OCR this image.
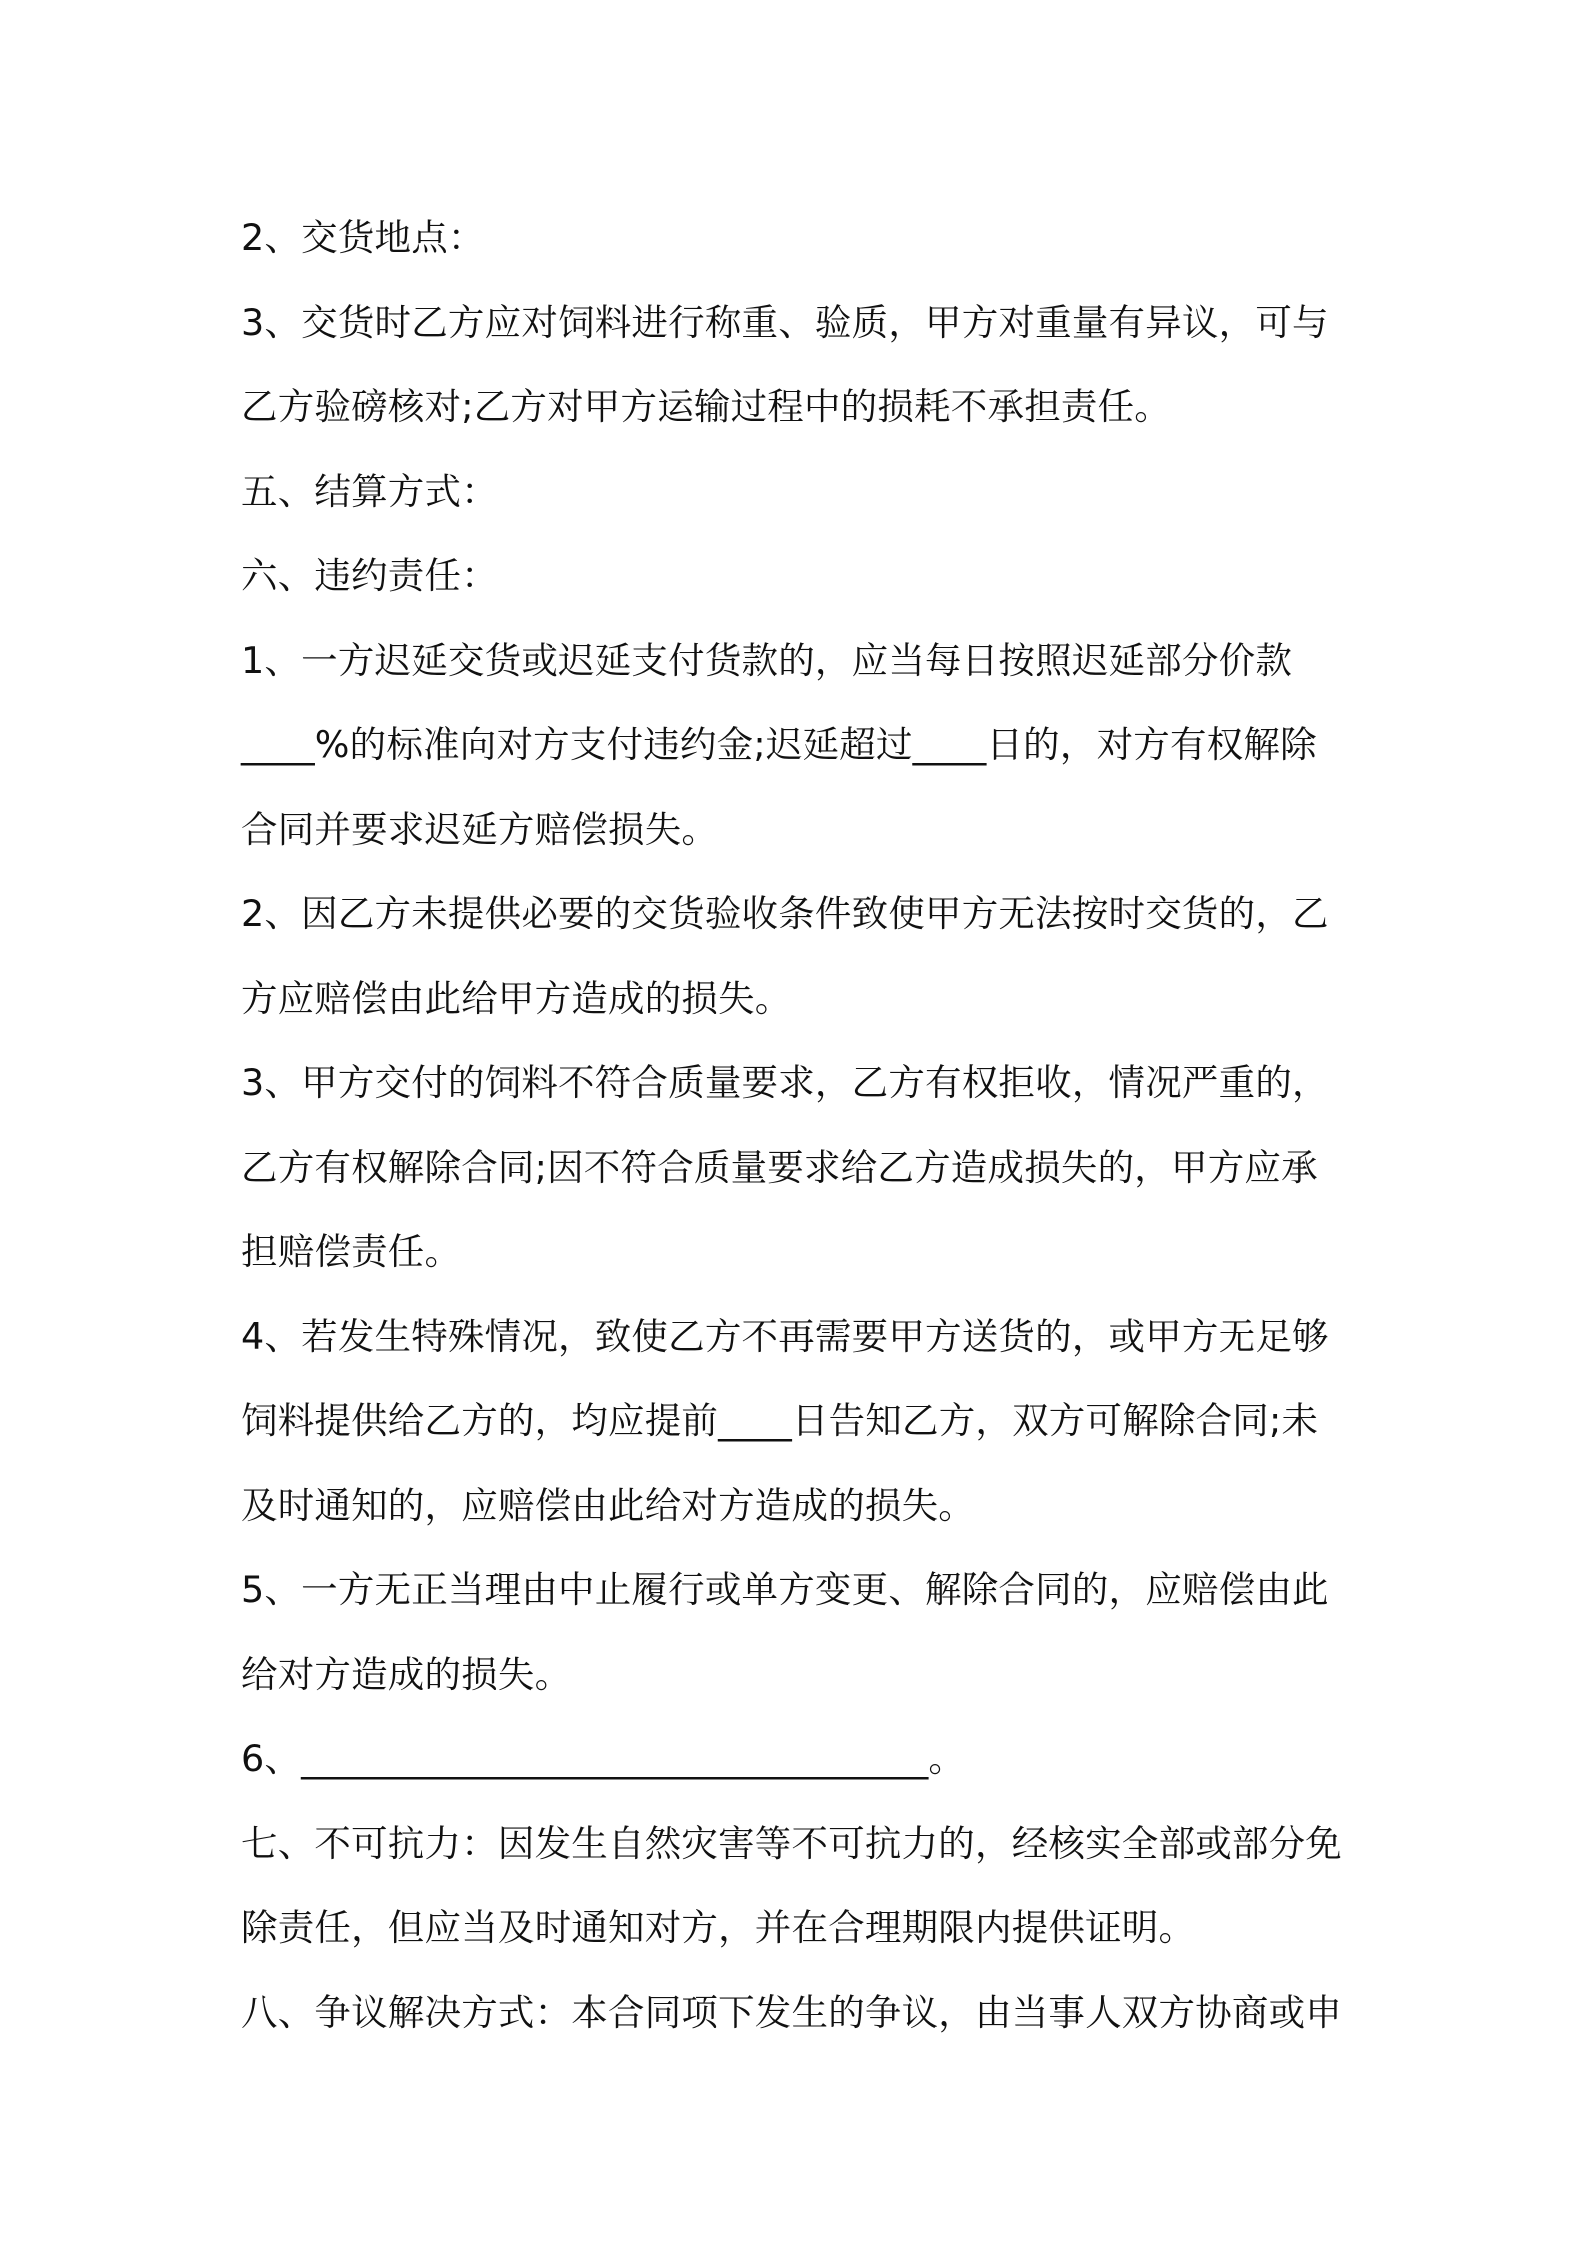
2、交货地点：
3、交货时乙方应对饲料进行称重、验质，甲方对重量有异议，可与
乙方验磅核对;乙方对甲方运输过程中的损耗不承担责任。
五、结算方式：
六、违约责任：
1、一方迟延交货或迟延支付货款的，应当每日按照迟延部分价款
____%的标准向对方支付违约金;迟延超过____日的，对方有权解除
合同并要求迟延方赔偿损失。
2、因乙方未提供必要的交货验收条件致使甲方无法按时交货的，乙
方应赔偿由此给甲方造成的损失。
3、甲方交付的饲料不符合质量要求，乙方有权拒收，情况严重的，
乙方有权解除合同;因不符合质量要求给乙方造成损失的，甲方应承
担赔偿责任。
4、若发生特殊情况，致使乙方不再需要甲方送货的，或甲方无足够
饲料提供给乙方的，均应提前____日告知乙方，双方可解除合同;未
及时通知的，应赔偿由此给对方造成的损失。
5、一方无正当理由中止履行或单方变更、解除合同的，应赔偿由此
给对方造成的损失。
6、__________________________________。
七、不可抗力：因发生自然灾害等不可抗力的，经核实全部或部分免
除责任，但应当及时通知对方，并在合理期限内提供证明。
八、争议解决方式：本合同项下发生的争议，由当事人双方协商或申
